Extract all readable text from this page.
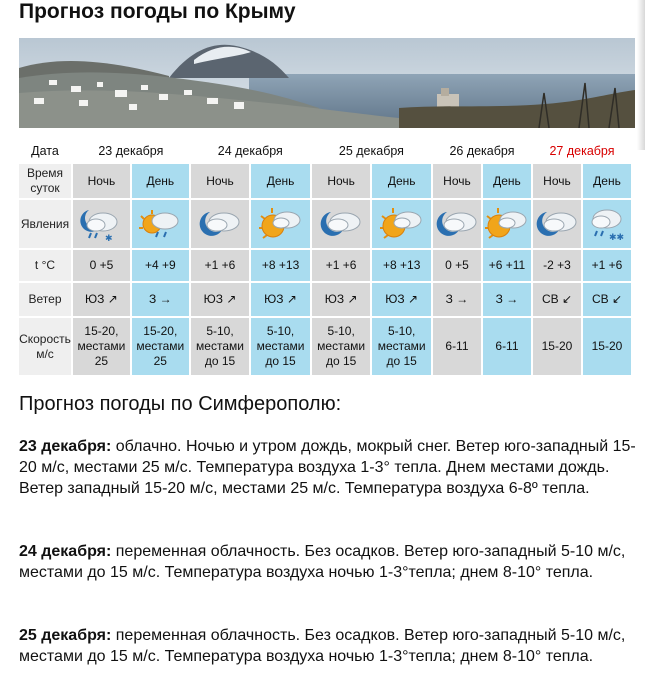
Прогноз погоды по Крыму
Дата	23 декабря		24 декабря		25 декабря		26 декабря		27 декабря	
Время суток	Ночь	День	Ночь	День	Ночь	День	Ночь	День	Ночь	День
Явления	✱									✱✱

t °C	0 +5	+4 +9	+1 +6	+8 +13	+1 +6	+8 +13	0 +5	+6 +11	-2 +3	+1 +6
Ветер	ЮЗ ↗	З →	ЮЗ ↗	ЮЗ ↗	ЮЗ ↗	ЮЗ ↗	З →	З →	СВ ↙	СВ ↙
Скорость м/с	15-20, местами 25	15-20, местами 25	5-10, местами до 15	5-10, местами до 15	5-10, местами до 15	5-10, местами до 15	6-11	6-11	15-20	15-20
Прогноз погоды по Симферополю:

23 декабря: облачно. Ночью и утром дождь, мокрый снег. Ветер юго-западный 15-20 м/с, местами 25 м/с. Температура воздуха 1-3° тепла. Днем местами дождь. Ветер западный 15-20 м/с, местами 25 м/с. Температура воздуха 6-8º тепла.

24 декабря: переменная облачность. Без осадков. Ветер юго-западный 5-10 м/с, местами до 15 м/с. Температура воздуха ночью 1-3°тепла; днем 8-10° тепла.

25 декабря: переменная облачность. Без осадков. Ветер юго-западный 5-10 м/с, местами до 15 м/с. Температура воздуха ночью 1-3°тепла; днем 8-10° тепла.
